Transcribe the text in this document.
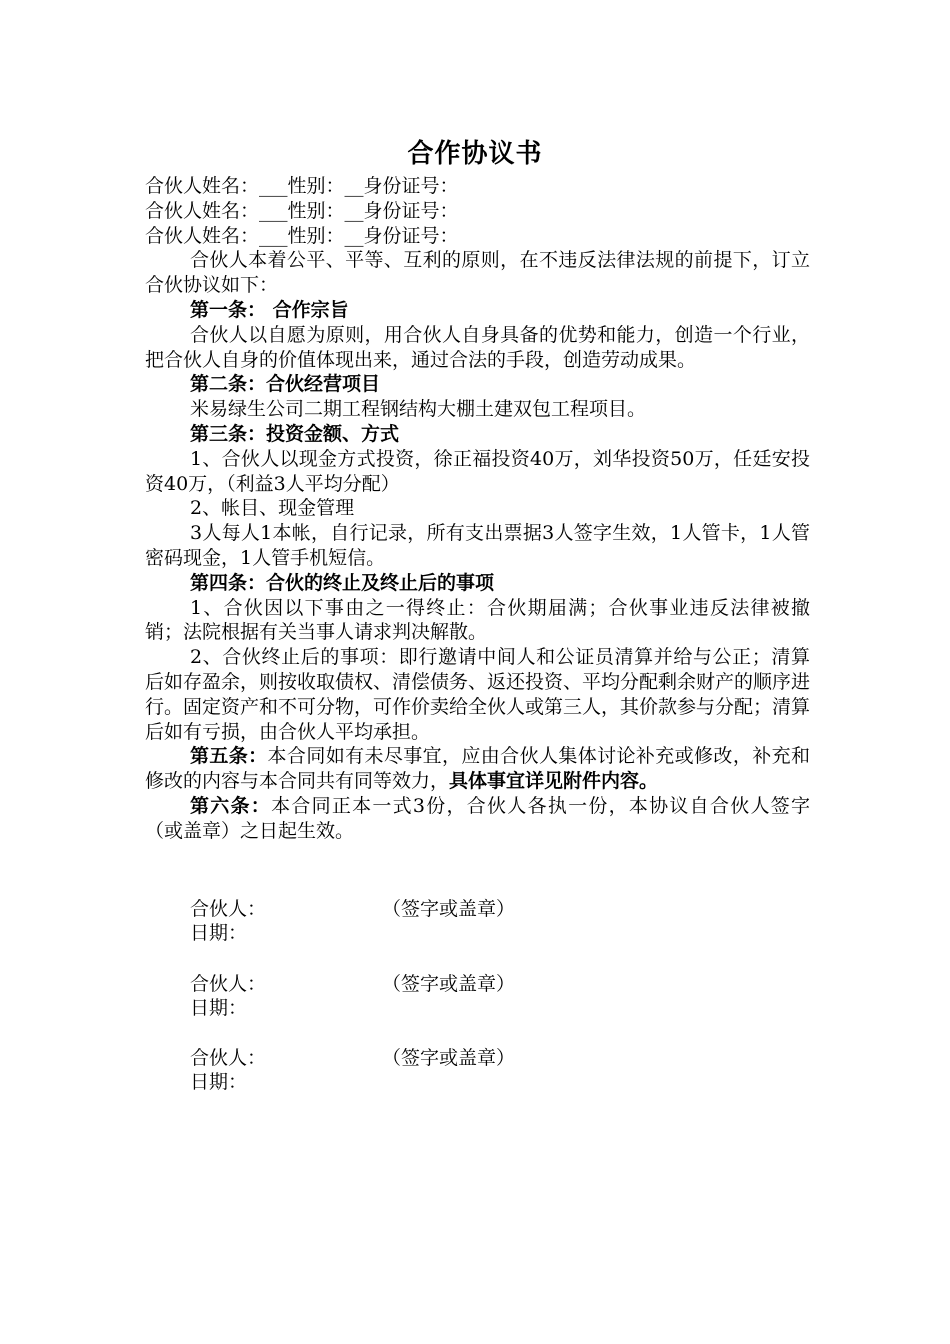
合作协议书

合伙人姓名：___性别：__身份证号：

合伙人姓名：___性别：__身份证号：

合伙人姓名：___性别：__身份证号：

合伙人本着公平、平等、互利的原则，在不违反法律法规的前提下，订立合伙协议如下：

第一条： 合作宗旨

合伙人以自愿为原则，用合伙人自身具备的优势和能力，创造一个行业，把合伙人自身的价值体现出来，通过合法的手段，创造劳动成果。

第二条：合伙经营项目

米易绿生公司二期工程钢结构大棚土建双包工程项目。

第三条：投资金额、方式

1、合伙人以现金方式投资，徐正福投资40万，刘华投资50万，任廷安投资40万，（利益3人平均分配）

2、帐目、现金管理

3人每人1本帐，自行记录，所有支出票据3人签字生效，1人管卡，1人管密码现金，1人管手机短信。

第四条：合伙的终止及终止后的事项

1、合伙因以下事由之一得终止：合伙期届满；合伙事业违反法律被撤销；法院根据有关当事人请求判决解散。

2、合伙终止后的事项：即行邀请中间人和公证员清算并给与公正；清算后如存盈余，则按收取债权、清偿债务、返还投资、平均分配剩余财产的顺序进行。固定资产和不可分物，可作价卖给全伙人或第三人，其价款参与分配；清算后如有亏损，由合伙人平均承担。

第五条：本合同如有未尽事宜，应由合伙人集体讨论补充或修改，补充和修改的内容与本合同共有同等效力，具体事宜详见附件内容。

第六条：本合同正本一式3份，合伙人各执一份，本协议自合伙人签字（或盖章）之日起生效。

合伙人：	（签字或盖章）
日期：
合伙人：	（签字或盖章）
日期：
合伙人：	（签字或盖章）
日期：
